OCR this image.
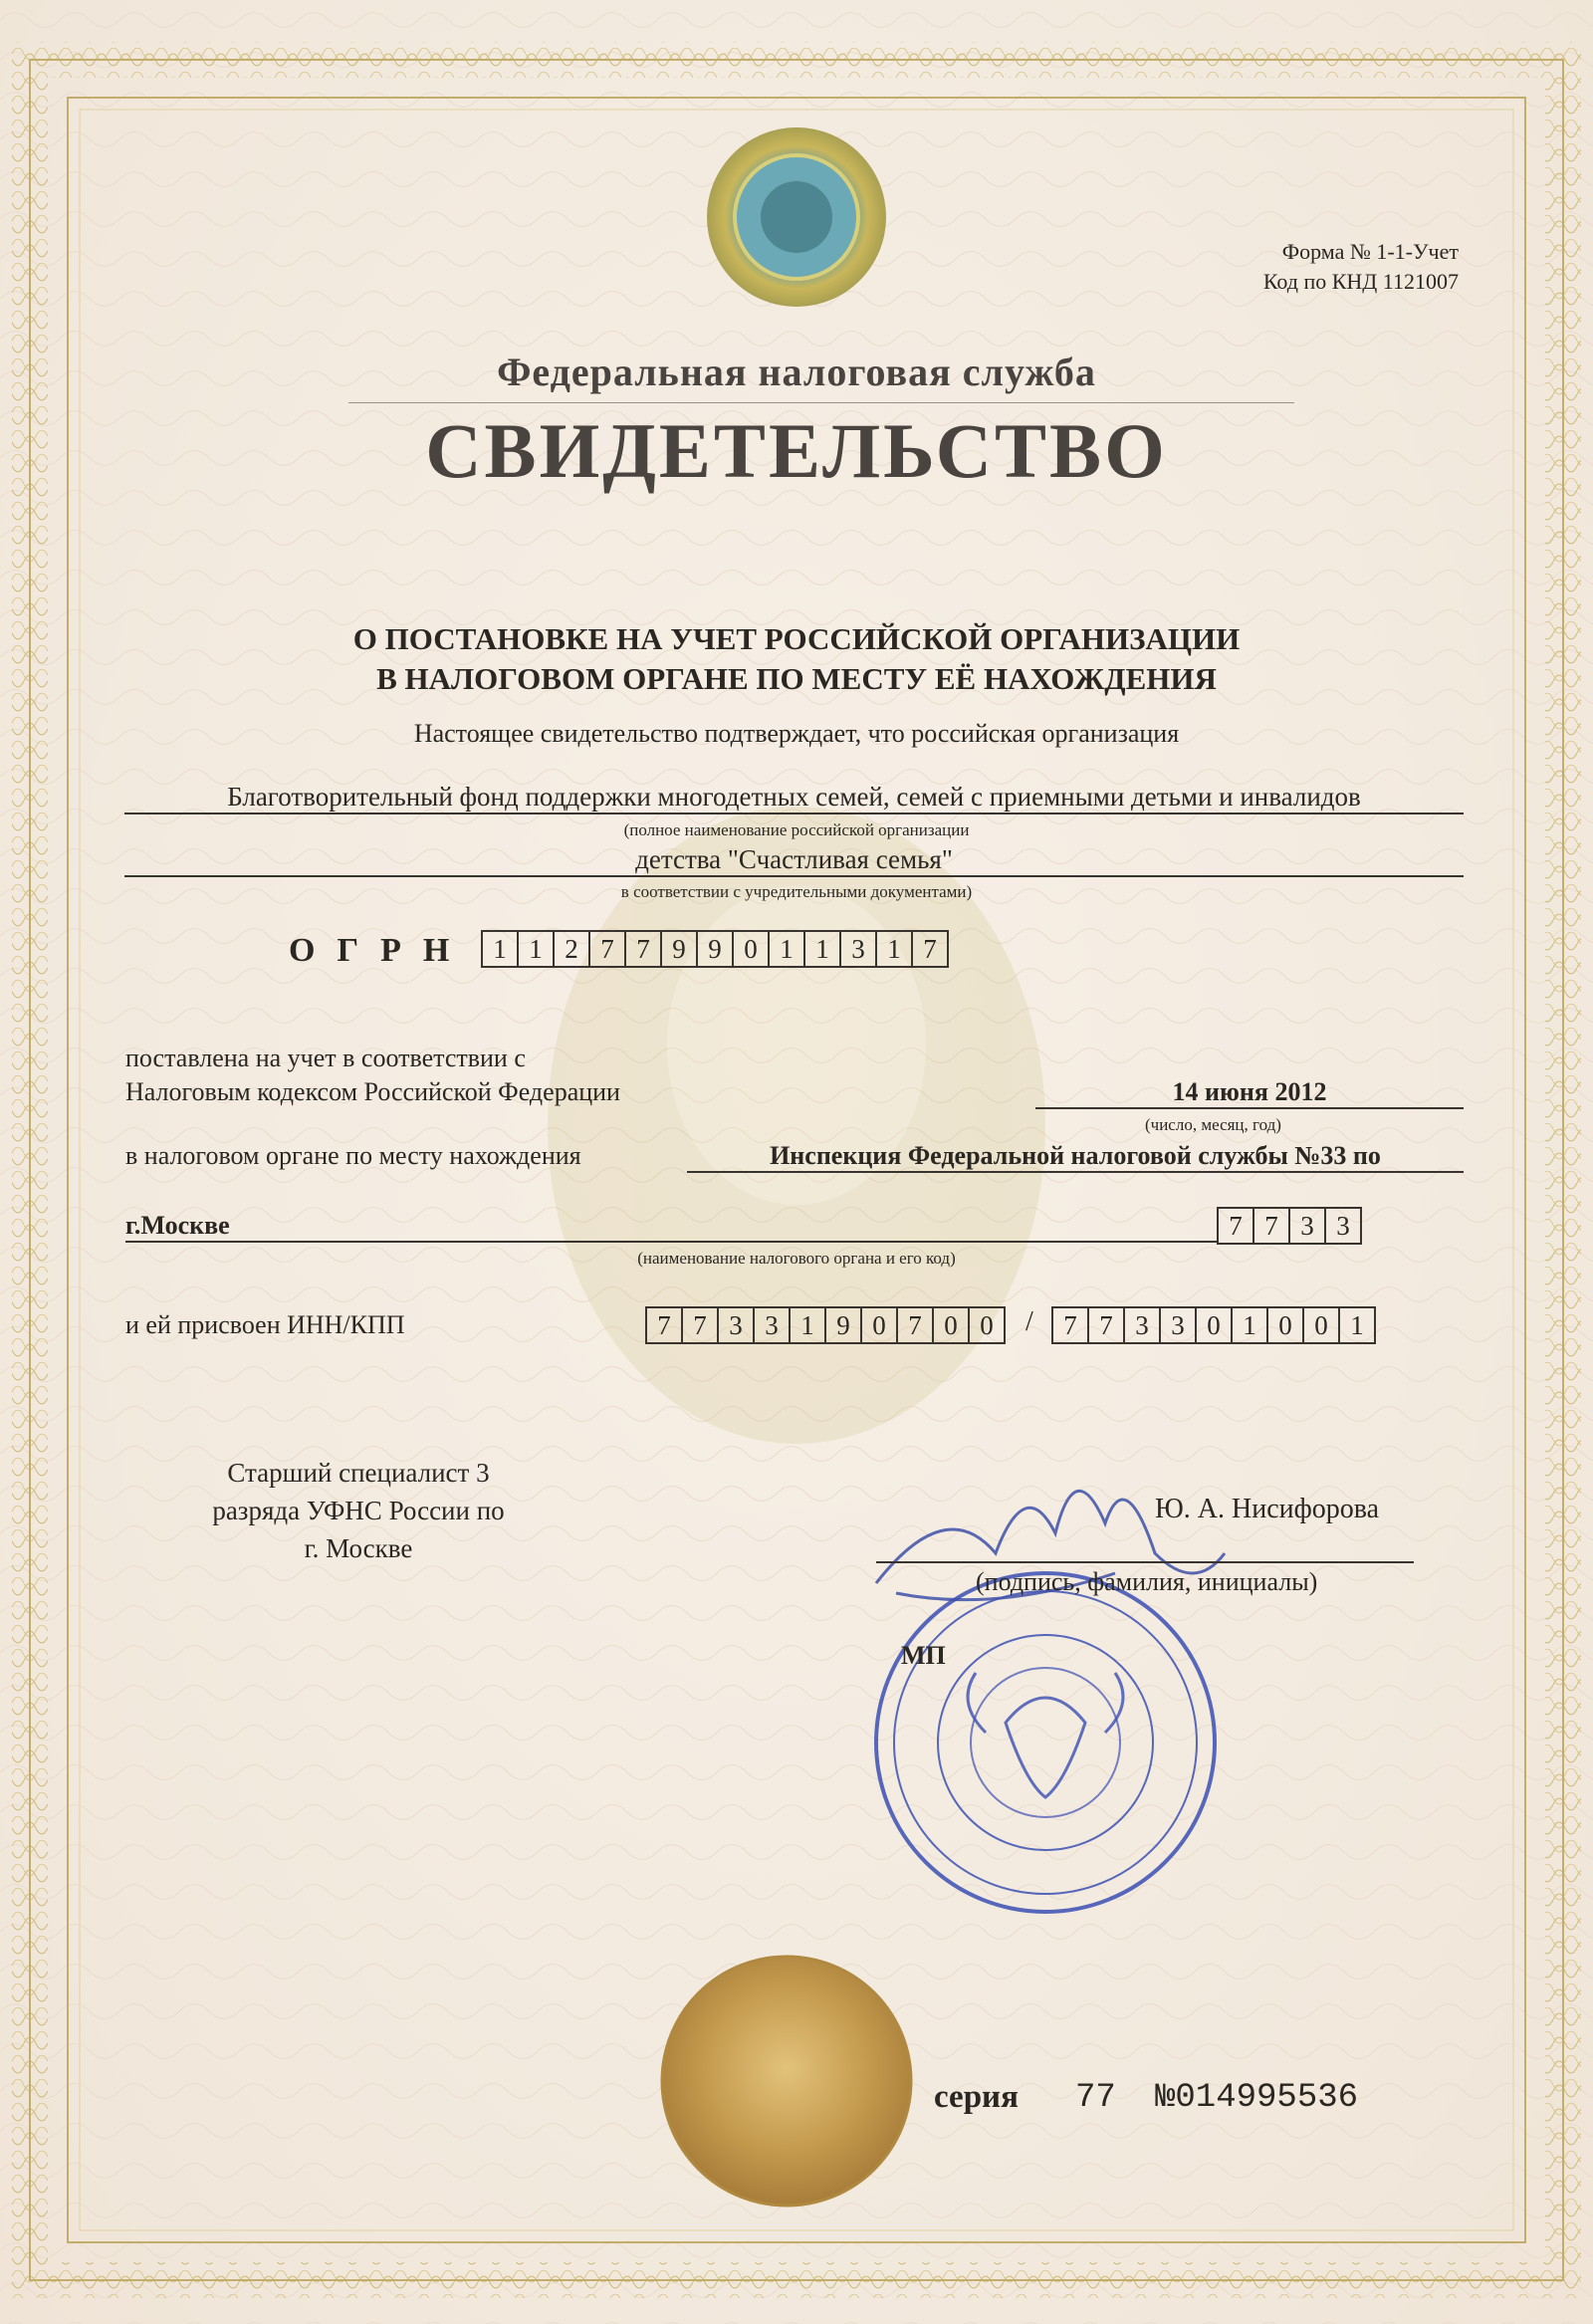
Форма № 1-1-Учет
Код по КНД 1121007
Федеральная налоговая служба
СВИДЕТЕЛЬСТВО
О ПОСТАНОВКЕ НА УЧЕТ РОССИЙСКОЙ ОРГАНИЗАЦИИ
В НАЛОГОВОМ ОРГАНЕ ПО МЕСТУ ЕЁ НАХОЖДЕНИЯ
Настоящее свидетельство подтверждает, что российская организация
Благотворительный фонд поддержки многодетных семей, семей с приемными детьми и инвалидов
(полное наименование российской организации
детства "Счастливая семья"
в соответствии с учредительными документами)
ОГРН 1 1 2 7 7 9 9 0 1 1 3 1 7
поставлена на учет в соответствии с
Налоговым кодексом Российской Федерации	14 июня 2012
(число, месяц, год)
в налоговом органе по месту нахождения	Инспекция Федеральной налоговой службы №33 по
г.Москве	7 7 3 3
(наименование налогового органа и его код)
и ей присвоен ИНН/КПП	7 7 3 3 1 9 0 7 0 0	/	7 7 3 3 0 1 0 0 1
Старший специалист 3
разряда УФНС России по
г. Москве
Ю. А. Нисифорова
(подпись, фамилия, инициалы)
МП
серия 77 №014995536
